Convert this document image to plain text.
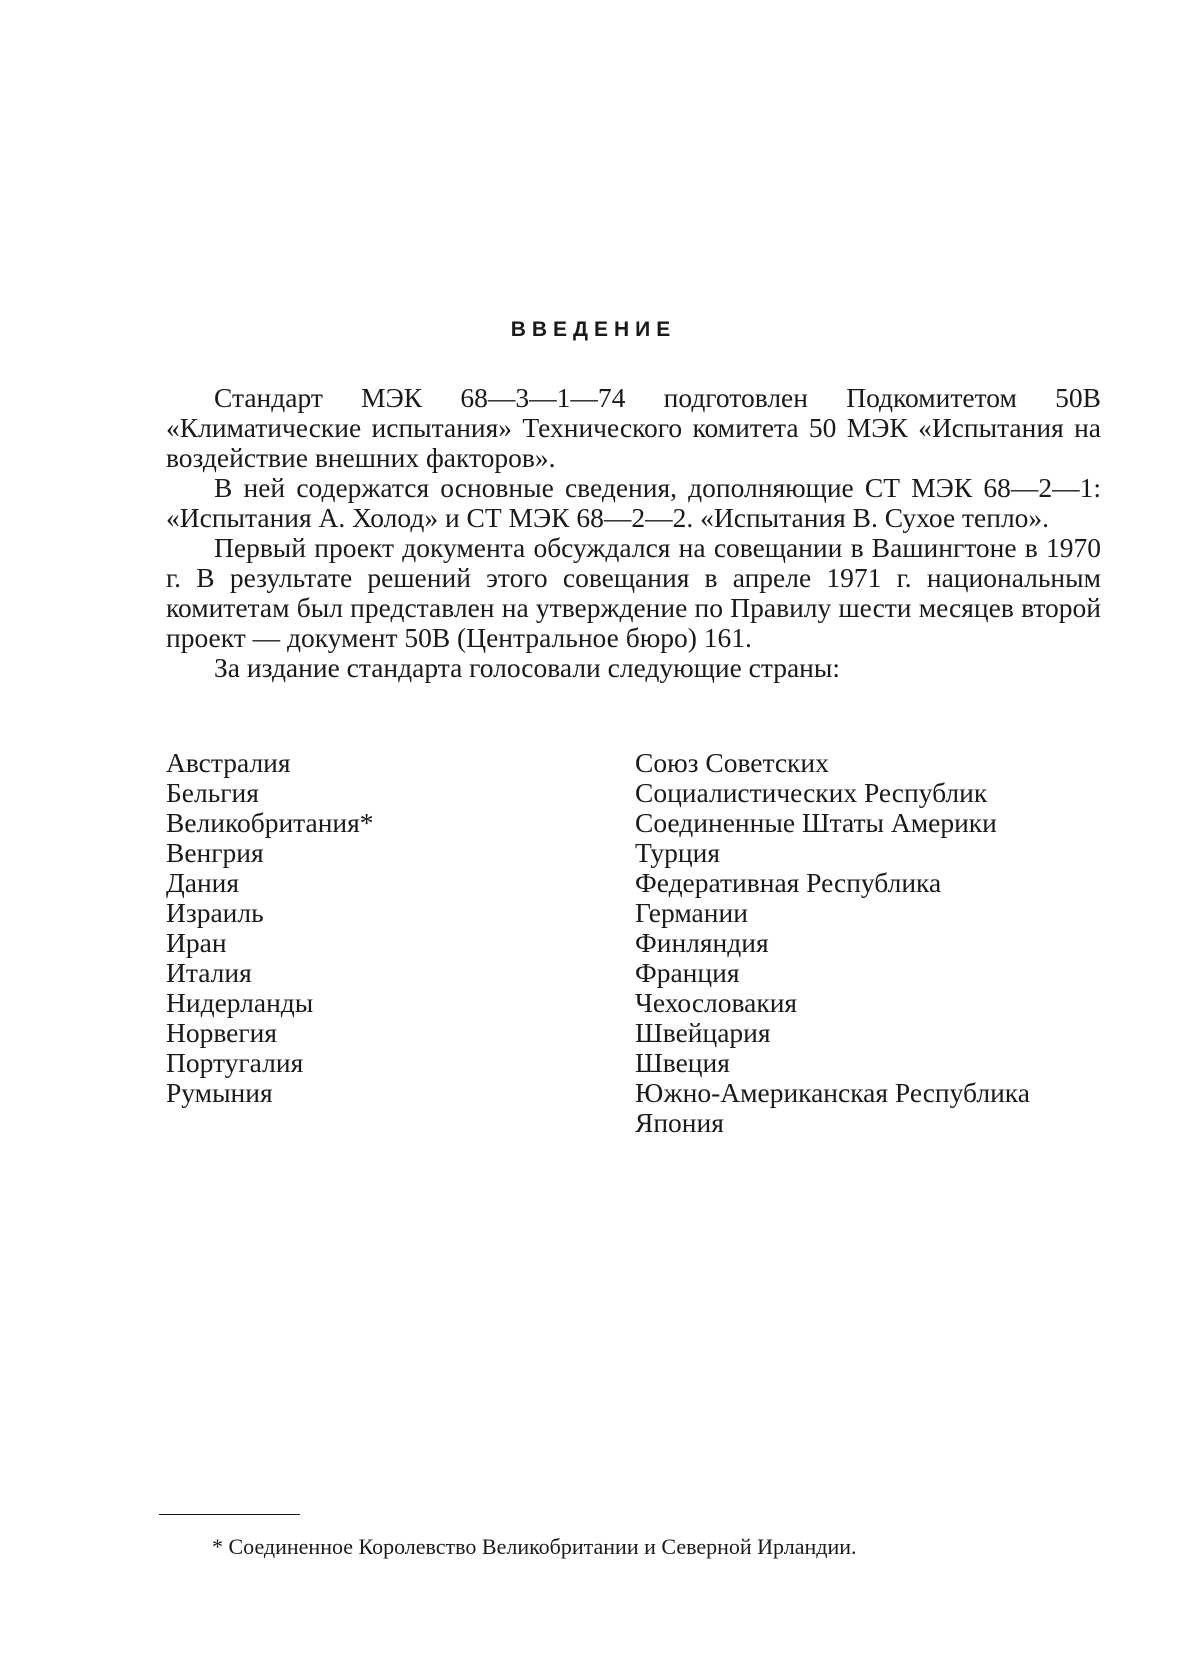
ВВЕДЕНИЕ

Стандарт МЭК 68—3—1—74 подготовлен Подкомитетом 50В «Климатические испытания» Технического комитета 50 МЭК «Испытания на воздействие внешних факторов».

В ней содержатся основные сведения, дополняющие СТ МЭК 68—2—1: «Испытания А. Холод» и СТ МЭК 68—2—2. «Испытания В. Сухое тепло».

Первый проект документа обсуждался на совещании в Вашингтоне в 1970 г. В результате решений этого совещания в апреле 1971 г. национальным комитетам был представлен на утверждение по Правилу шести месяцев второй проект — документ 50В (Центральное бюро) 161.

За издание стандарта голосовали следующие страны:

Австралия
Бельгия
Великобритания*
Венгрия
Дания
Израиль
Иран
Италия
Нидерланды
Норвегия
Португалия
Румыния
Союз Советских
Социалистических Республик
Соединенные Штаты Америки
Турция
Федеративная Республика
Германии
Финляндия
Франция
Чехословакия
Швейцария
Швеция
Южно-Американская Республика
Япония
* Соединенное Королевство Великобритании и Северной Ирландии.
